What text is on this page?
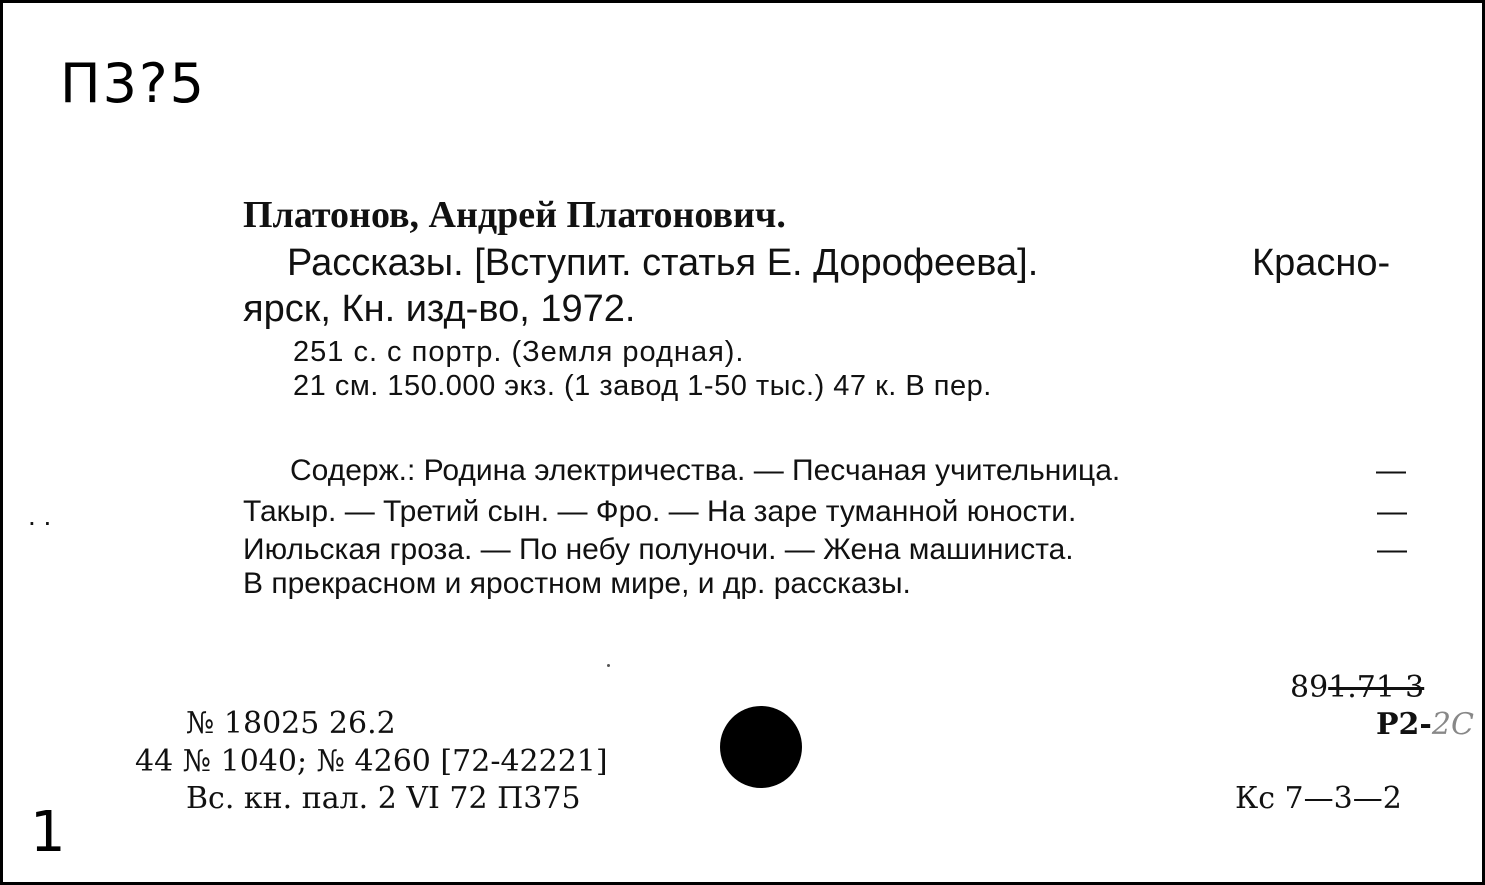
П3?5
Платонов, Андрей Платонович.
Рассказы. [Вступит. статья Е. Дорофеева].	Красно-
ярск, Кн. изд-во, 1972.
251 с. с портр. (Земля родная).
21 см. 150.000 экз. (1 завод 1-50 тыс.) 47 к. В пер.
Содерж.: Родина электричества. — Песчаная учительница.	—
Такыр. — Третий сын. — Фро. — На заре туманной юности.	—
Июльская гроза. — По небу полуночи. — Жена машиниста.	—
В прекрасном и яростном мире, и др. рассказы.
. .
№ 18025 26.2
44 № 1040; № 4260 [72-42221]
Вс. кн. пал. 2 VI 72 П375
891.71-3
Р2-2С
Кс 7—3—2
1
